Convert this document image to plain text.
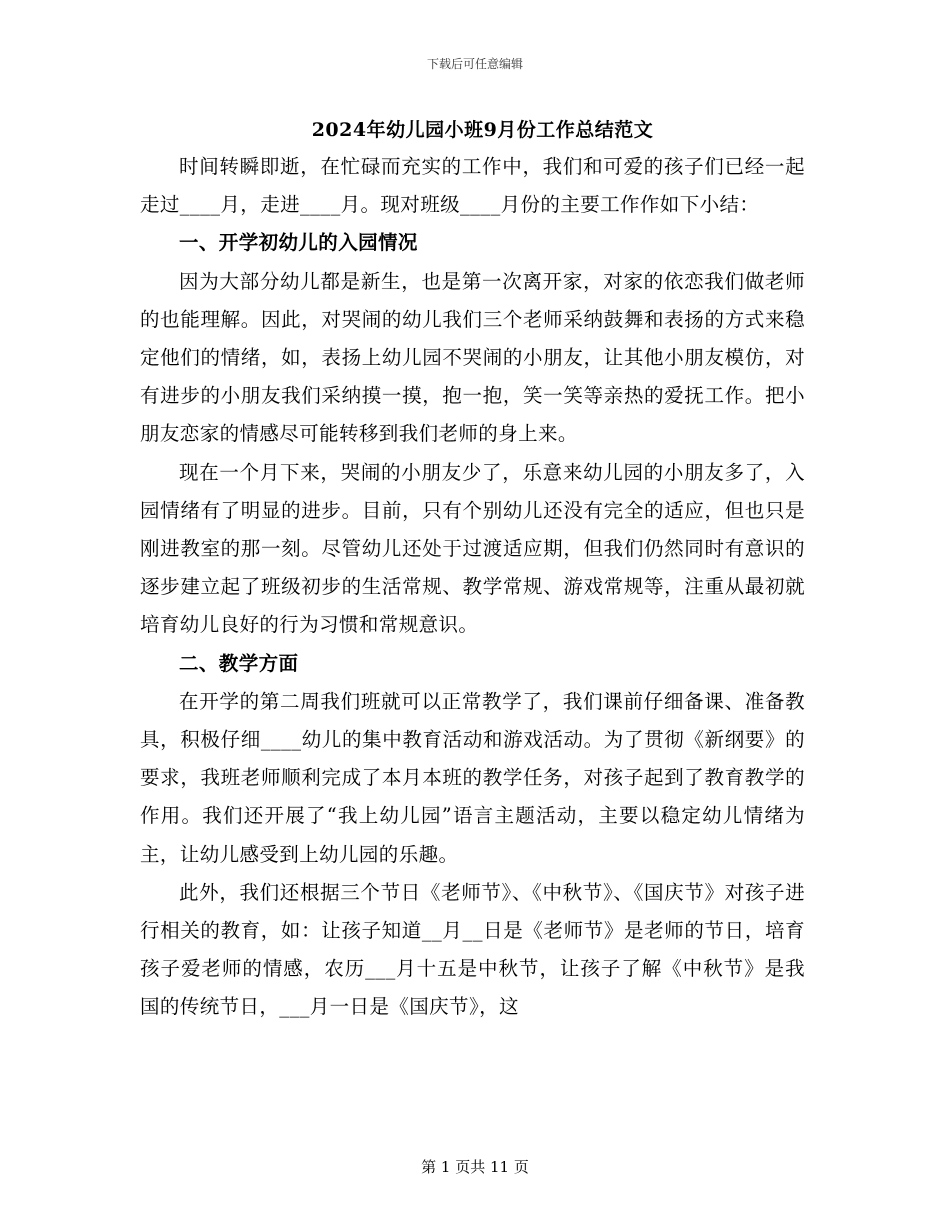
下载后可任意编辑
2024年幼儿园小班9月份工作总结范文

时间转瞬即逝，在忙碌而充实的工作中，我们和可爱的孩子们已经一起走过____月，走进____月。现对班级____月份的主要工作作如下小结：

一、开学初幼儿的入园情况

因为大部分幼儿都是新生，也是第一次离开家，对家的依恋我们做老师的也能理解。因此，对哭闹的幼儿我们三个老师采纳鼓舞和表扬的方式来稳定他们的情绪，如，表扬上幼儿园不哭闹的小朋友，让其他小朋友模仿，对有进步的小朋友我们采纳摸一摸，抱一抱，笑一笑等亲热的爱抚工作。把小朋友恋家的情感尽可能转移到我们老师的身上来。

现在一个月下来，哭闹的小朋友少了，乐意来幼儿园的小朋友多了，入园情绪有了明显的进步。目前，只有个别幼儿还没有完全的适应，但也只是刚进教室的那一刻。尽管幼儿还处于过渡适应期，但我们仍然同时有意识的逐步建立起了班级初步的生活常规、教学常规、游戏常规等，注重从最初就培育幼儿良好的行为习惯和常规意识。

二、教学方面

在开学的第二周我们班就可以正常教学了，我们课前仔细备课、准备教具，积极仔细____幼儿的集中教育活动和游戏活动。为了贯彻《新纲要》的要求，我班老师顺利完成了本月本班的教学任务，对孩子起到了教育教学的作用。我们还开展了“我上幼儿园”语言主题活动，主要以稳定幼儿情绪为主，让幼儿感受到上幼儿园的乐趣。

此外，我们还根据三个节日《老师节》、《中秋节》、《国庆节》对孩子进行相关的教育，如：让孩子知道__月__日是《老师节》是老师的节日，培育孩子爱老师的情感，农历___月十五是中秋节，让孩子了解《中秋节》是我国的传统节日，___月一日是《国庆节》，这

第 1 页共 11 页
